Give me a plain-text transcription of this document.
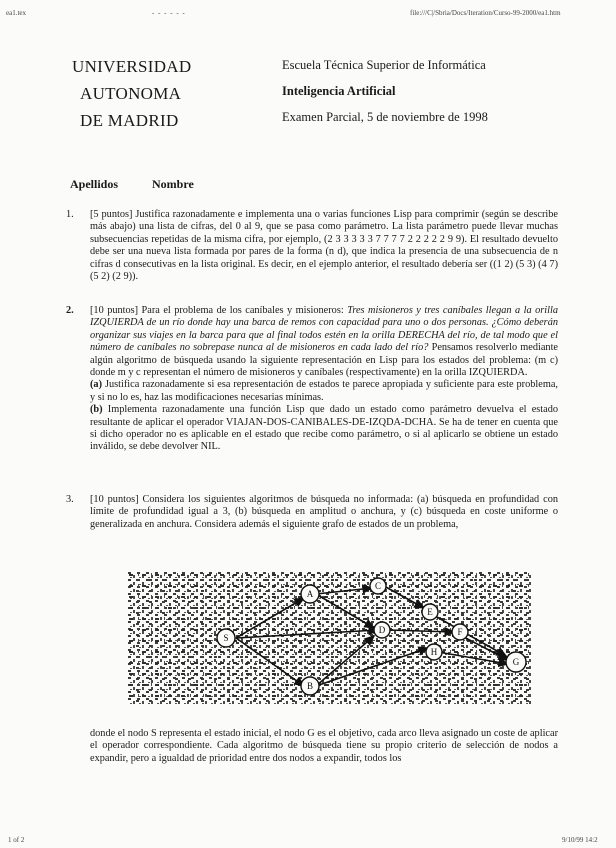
ea1.tex	- - - - - -	file:///C|/Sbria/Docs/Iteration/Curso-99-2000/ea1.htm
UNIVERSIDAD
AUTONOMA
DE MADRID
Escuela Técnica Superior de Informática
Inteligencia Artificial
Examen Parcial, 5 de noviembre de 1998
Apellidos	Nombre
1.	[5 puntos] Justifica razonadamente e implementa una o varias funciones Lisp para comprimir (según se describe más abajo) una lista de cifras, del 0 al 9, que se pasa como parámetro. La lista parámetro puede llevar muchas subsecuencias repetidas de la misma cifra, por ejemplo, (2 3 3 3 3 3 7 7 7 7 2 2 2 2 2 9 9). El resultado devuelto debe ser una nueva lista formada por pares de la forma (n d), que indica la presencia de una subsecuencia de n cifras d consecutivas en la lista original. Es decir, en el ejemplo anterior, el resultado debería ser ((1 2) (5 3) (4 7) (5 2) (2 9)).
2.	[10 puntos] Para el problema de los caníbales y misioneros: Tres misioneros y tres caníbales llegan a la orilla IZQUIERDA de un río donde hay una barca de remos con capacidad para uno o dos personas. ¿Cómo deberán organizar sus viajes en la barca para que al final todos estén en la orilla DERECHA del río, de tal modo que el número de caníbales no sobrepase nunca al de misioneros en cada lado del río? Pensamos resolverlo mediante algún algoritmo de búsqueda usando la siguiente representación en Lisp para los estados del problema: (m c) donde m y c representan el número de misioneros y caníbales (respectivamente) en la orilla IZQUIERDA.

(a) Justifica razonadamente si esa representación de estados te parece apropiada y suficiente para este problema, y si no lo es, haz las modificaciones necesarias mínimas.

(b) Implementa razonadamente una función Lisp que dado un estado como parámetro devuelva el estado resultante de aplicar el operador VIAJAN-DOS-CANIBALES-DE-IZQDA-DCHA. Se ha de tener en cuenta que si dicho operador no es aplicable en el estado que recibe como parámetro, o si al aplicarlo se obtiene un estado inválido, se debe devolver NIL.

3.	[10 puntos] Considera los siguientes algoritmos de búsqueda no informada: (a) búsqueda en profundidad con límite de profundidad igual a 3, (b) búsqueda en amplitud o anchura, y (c) búsqueda en coste uniforme o generalizada en anchura. Considera además el siguiente grafo de estados de un problema,
S
A
B
C
D
E
F
H
G
donde el nodo S representa el estado inicial, el nodo G es el objetivo, cada arco lleva asignado un coste de aplicar el operador correspondiente. Cada algoritmo de búsqueda tiene su propio criterio de selección de nodos a expandir, pero a igualdad de prioridad entre dos nodos a expandir, todos los
1 of 2	9/10/99 14:2
